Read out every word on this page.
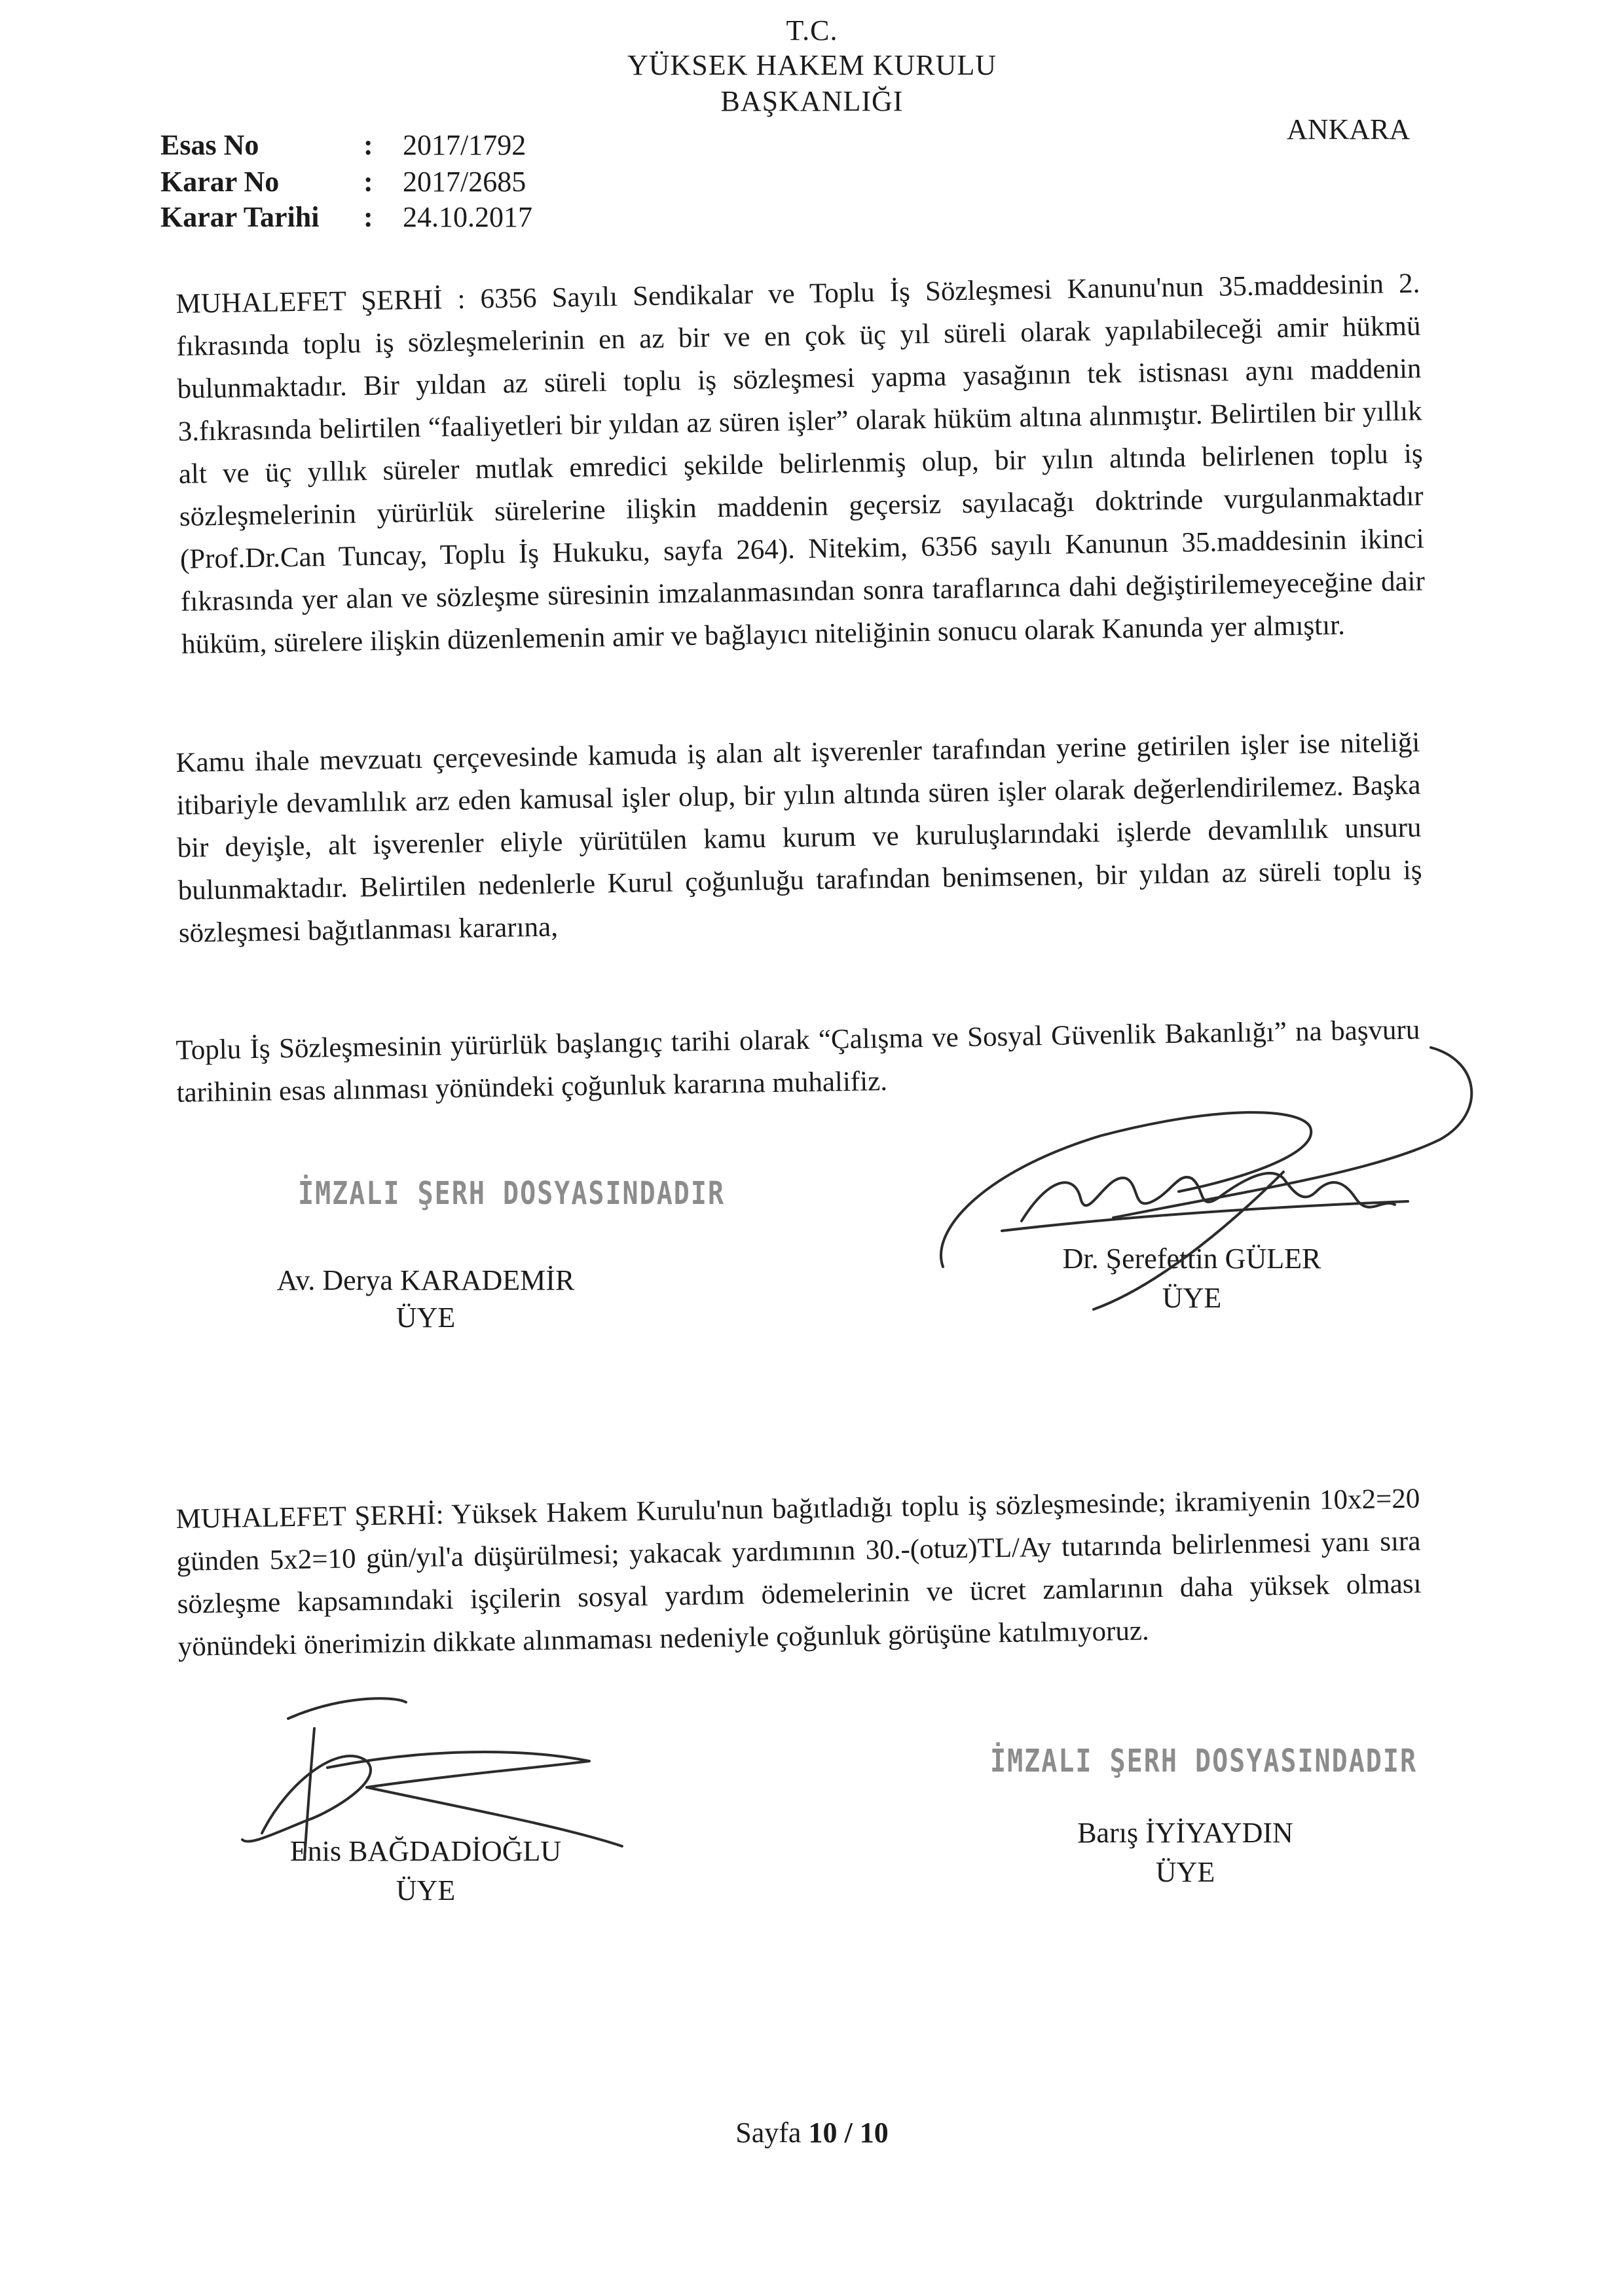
T.C.
YÜKSEK HAKEM KURULU
BAŞKANLIĞI
ANKARA
Esas No	: 2017/1792
Karar No	: 2017/2685
Karar Tarihi : 24.10.2017
MUHALEFET ŞERHİ : 6356 Sayılı Sendikalar ve Toplu İş Sözleşmesi Kanunu'nun 35.maddesinin 2. fıkrasında toplu iş sözleşmelerinin en az bir ve en çok üç yıl süreli olarak yapılabileceği amir hükmü bulunmaktadır. Bir yıldan az süreli toplu iş sözleşmesi yapma yasağının tek istisnası aynı maddenin 3.fıkrasında belirtilen “faaliyetleri bir yıldan az süren işler” olarak hüküm altına alınmıştır. Belirtilen bir yıllık alt ve üç yıllık süreler mutlak emredici şekilde belirlenmiş olup, bir yılın altında belirlenen toplu iş sözleşmelerinin yürürlük sürelerine ilişkin maddenin geçersiz sayılacağı doktrinde vurgulanmaktadır (Prof.Dr.Can Tuncay, Toplu İş Hukuku, sayfa 264). Nitekim, 6356 sayılı Kanunun 35.maddesinin ikinci fıkrasında yer alan ve sözleşme süresinin imzalanmasından sonra taraflarınca dahi değiştirilemeyeceğine dair hüküm, sürelere ilişkin düzenlemenin amir ve bağlayıcı niteliğinin sonucu olarak Kanunda yer almıştır.
Kamu ihale mevzuatı çerçevesinde kamuda iş alan alt işverenler tarafından yerine getirilen işler ise niteliği itibariyle devamlılık arz eden kamusal işler olup, bir yılın altında süren işler olarak değerlendirilemez. Başka bir deyişle, alt işverenler eliyle yürütülen kamu kurum ve kuruluşlarındaki işlerde devamlılık unsuru bulunmaktadır. Belirtilen nedenlerle Kurul çoğunluğu tarafından benimsenen, bir yıldan az süreli toplu iş sözleşmesi bağıtlanması kararına,
Toplu İş Sözleşmesinin yürürlük başlangıç tarihi olarak “Çalışma ve Sosyal Güvenlik Bakanlığı” na başvuru tarihinin esas alınması yönündeki çoğunluk kararına muhalifiz.
İMZALI ŞERH DOSYASINDADIR
Av. Derya KARADEMİR
ÜYE
Dr. Şerefettin GÜLER
ÜYE
MUHALEFET ŞERHİ: Yüksek Hakem Kurulu'nun bağıtladığı toplu iş sözleşmesinde; ikramiyenin 10x2=20 günden 5x2=10 gün/yıl'a düşürülmesi; yakacak yardımının 30.-(otuz)TL/Ay tutarında belirlenmesi yanı sıra sözleşme kapsamındaki işçilerin sosyal yardım ödemelerinin ve ücret zamlarının daha yüksek olması yönündeki önerimizin dikkate alınmaması nedeniyle çoğunluk görüşüne katılmıyoruz.
İMZALI ŞERH DOSYASINDADIR
Enis BAĞDADİOĞLU
ÜYE
Barış İYİYAYDIN
ÜYE
Sayfa 10 / 10
